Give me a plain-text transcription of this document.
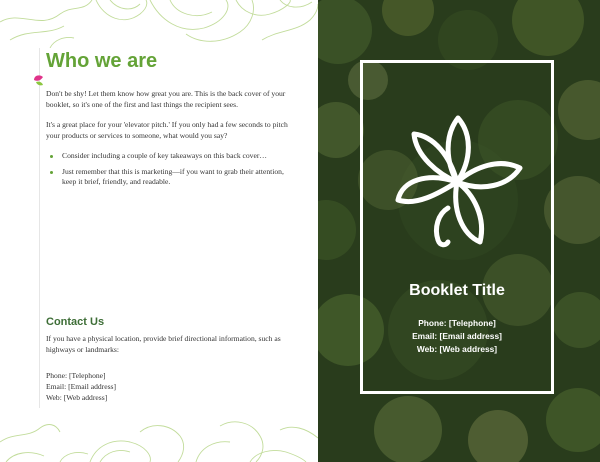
Who we are

Don't be shy! Let them know how great you are. This is the back cover of your booklet, so it's one of the first and last things the recipient sees.

It's a great place for your 'elevator pitch.' If you only had a few seconds to pitch your products or services to someone, what would you say?

Consider including a couple of key takeaways on this back cover…
Just remember that this is marketing—if you want to grab their attention, keep it brief, friendly, and readable.
Contact Us

If you have a physical location, provide brief directional information, such as highways or landmarks:

Phone: [Telephone]
Email: [Email address]
Web: [Web address]
Booklet Title
Phone: [Telephone]
Email: [Email address]
Web: [Web address]
